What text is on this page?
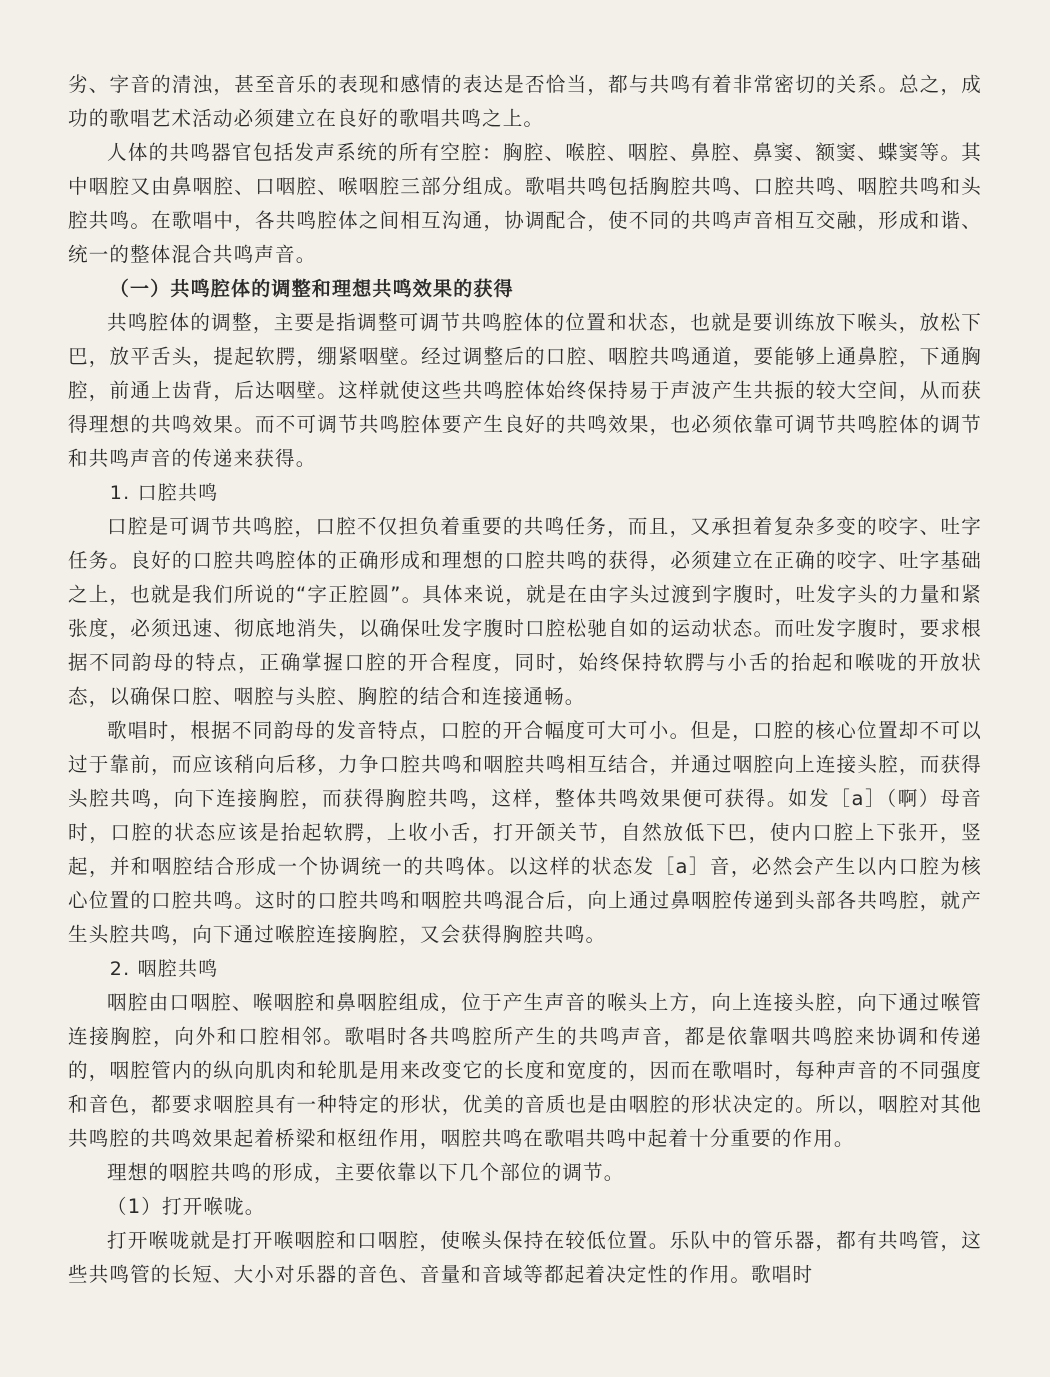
劣、字音的清浊，甚至音乐的表现和感情的表达是否恰当，都与共鸣有着非常密切的关系。总之，成功的歌唱艺术活动必须建立在良好的歌唱共鸣之上。

人体的共鸣器官包括发声系统的所有空腔：胸腔、喉腔、咽腔、鼻腔、鼻窦、额窦、蝶窦等。其中咽腔又由鼻咽腔、口咽腔、喉咽腔三部分组成。歌唱共鸣包括胸腔共鸣、口腔共鸣、咽腔共鸣和头腔共鸣。在歌唱中，各共鸣腔体之间相互沟通，协调配合，使不同的共鸣声音相互交融，形成和谐、统一的整体混合共鸣声音。

（一）共鸣腔体的调整和理想共鸣效果的获得

共鸣腔体的调整，主要是指调整可调节共鸣腔体的位置和状态，也就是要训练放下喉头，放松下巴，放平舌头，提起软腭，绷紧咽壁。经过调整后的口腔、咽腔共鸣通道，要能够上通鼻腔，下通胸腔，前通上齿背，后达咽壁。这样就使这些共鸣腔体始终保持易于声波产生共振的较大空间，从而获得理想的共鸣效果。而不可调节共鸣腔体要产生良好的共鸣效果，也必须依靠可调节共鸣腔体的调节和共鸣声音的传递来获得。

1. 口腔共鸣

口腔是可调节共鸣腔，口腔不仅担负着重要的共鸣任务，而且，又承担着复杂多变的咬字、吐字任务。良好的口腔共鸣腔体的正确形成和理想的口腔共鸣的获得，必须建立在正确的咬字、吐字基础之上，也就是我们所说的“字正腔圆”。具体来说，就是在由字头过渡到字腹时，吐发字头的力量和紧张度，必须迅速、彻底地消失，以确保吐发字腹时口腔松驰自如的运动状态。而吐发字腹时，要求根据不同韵母的特点，正确掌握口腔的开合程度，同时，始终保持软腭与小舌的抬起和喉咙的开放状态，以确保口腔、咽腔与头腔、胸腔的结合和连接通畅。

歌唱时，根据不同韵母的发音特点，口腔的开合幅度可大可小。但是，口腔的核心位置却不可以过于靠前，而应该稍向后移，力争口腔共鸣和咽腔共鸣相互结合，并通过咽腔向上连接头腔，而获得头腔共鸣，向下连接胸腔，而获得胸腔共鸣，这样，整体共鸣效果便可获得。如发［a］（啊）母音时，口腔的状态应该是抬起软腭，上收小舌，打开颌关节，自然放低下巴，使内口腔上下张开，竖起，并和咽腔结合形成一个协调统一的共鸣体。以这样的状态发［a］音，必然会产生以内口腔为核心位置的口腔共鸣。这时的口腔共鸣和咽腔共鸣混合后，向上通过鼻咽腔传递到头部各共鸣腔，就产生头腔共鸣，向下通过喉腔连接胸腔，又会获得胸腔共鸣。

2. 咽腔共鸣

咽腔由口咽腔、喉咽腔和鼻咽腔组成，位于产生声音的喉头上方，向上连接头腔，向下通过喉管连接胸腔，向外和口腔相邻。歌唱时各共鸣腔所产生的共鸣声音，都是依靠咽共鸣腔来协调和传递的，咽腔管内的纵向肌肉和轮肌是用来改变它的长度和宽度的，因而在歌唱时，每种声音的不同强度和音色，都要求咽腔具有一种特定的形状，优美的音质也是由咽腔的形状决定的。所以，咽腔对其他共鸣腔的共鸣效果起着桥梁和枢纽作用，咽腔共鸣在歌唱共鸣中起着十分重要的作用。

理想的咽腔共鸣的形成，主要依靠以下几个部位的调节。

（1）打开喉咙。

打开喉咙就是打开喉咽腔和口咽腔，使喉头保持在较低位置。乐队中的管乐器，都有共鸣管，这些共鸣管的长短、大小对乐器的音色、音量和音域等都起着决定性的作用。歌唱时
